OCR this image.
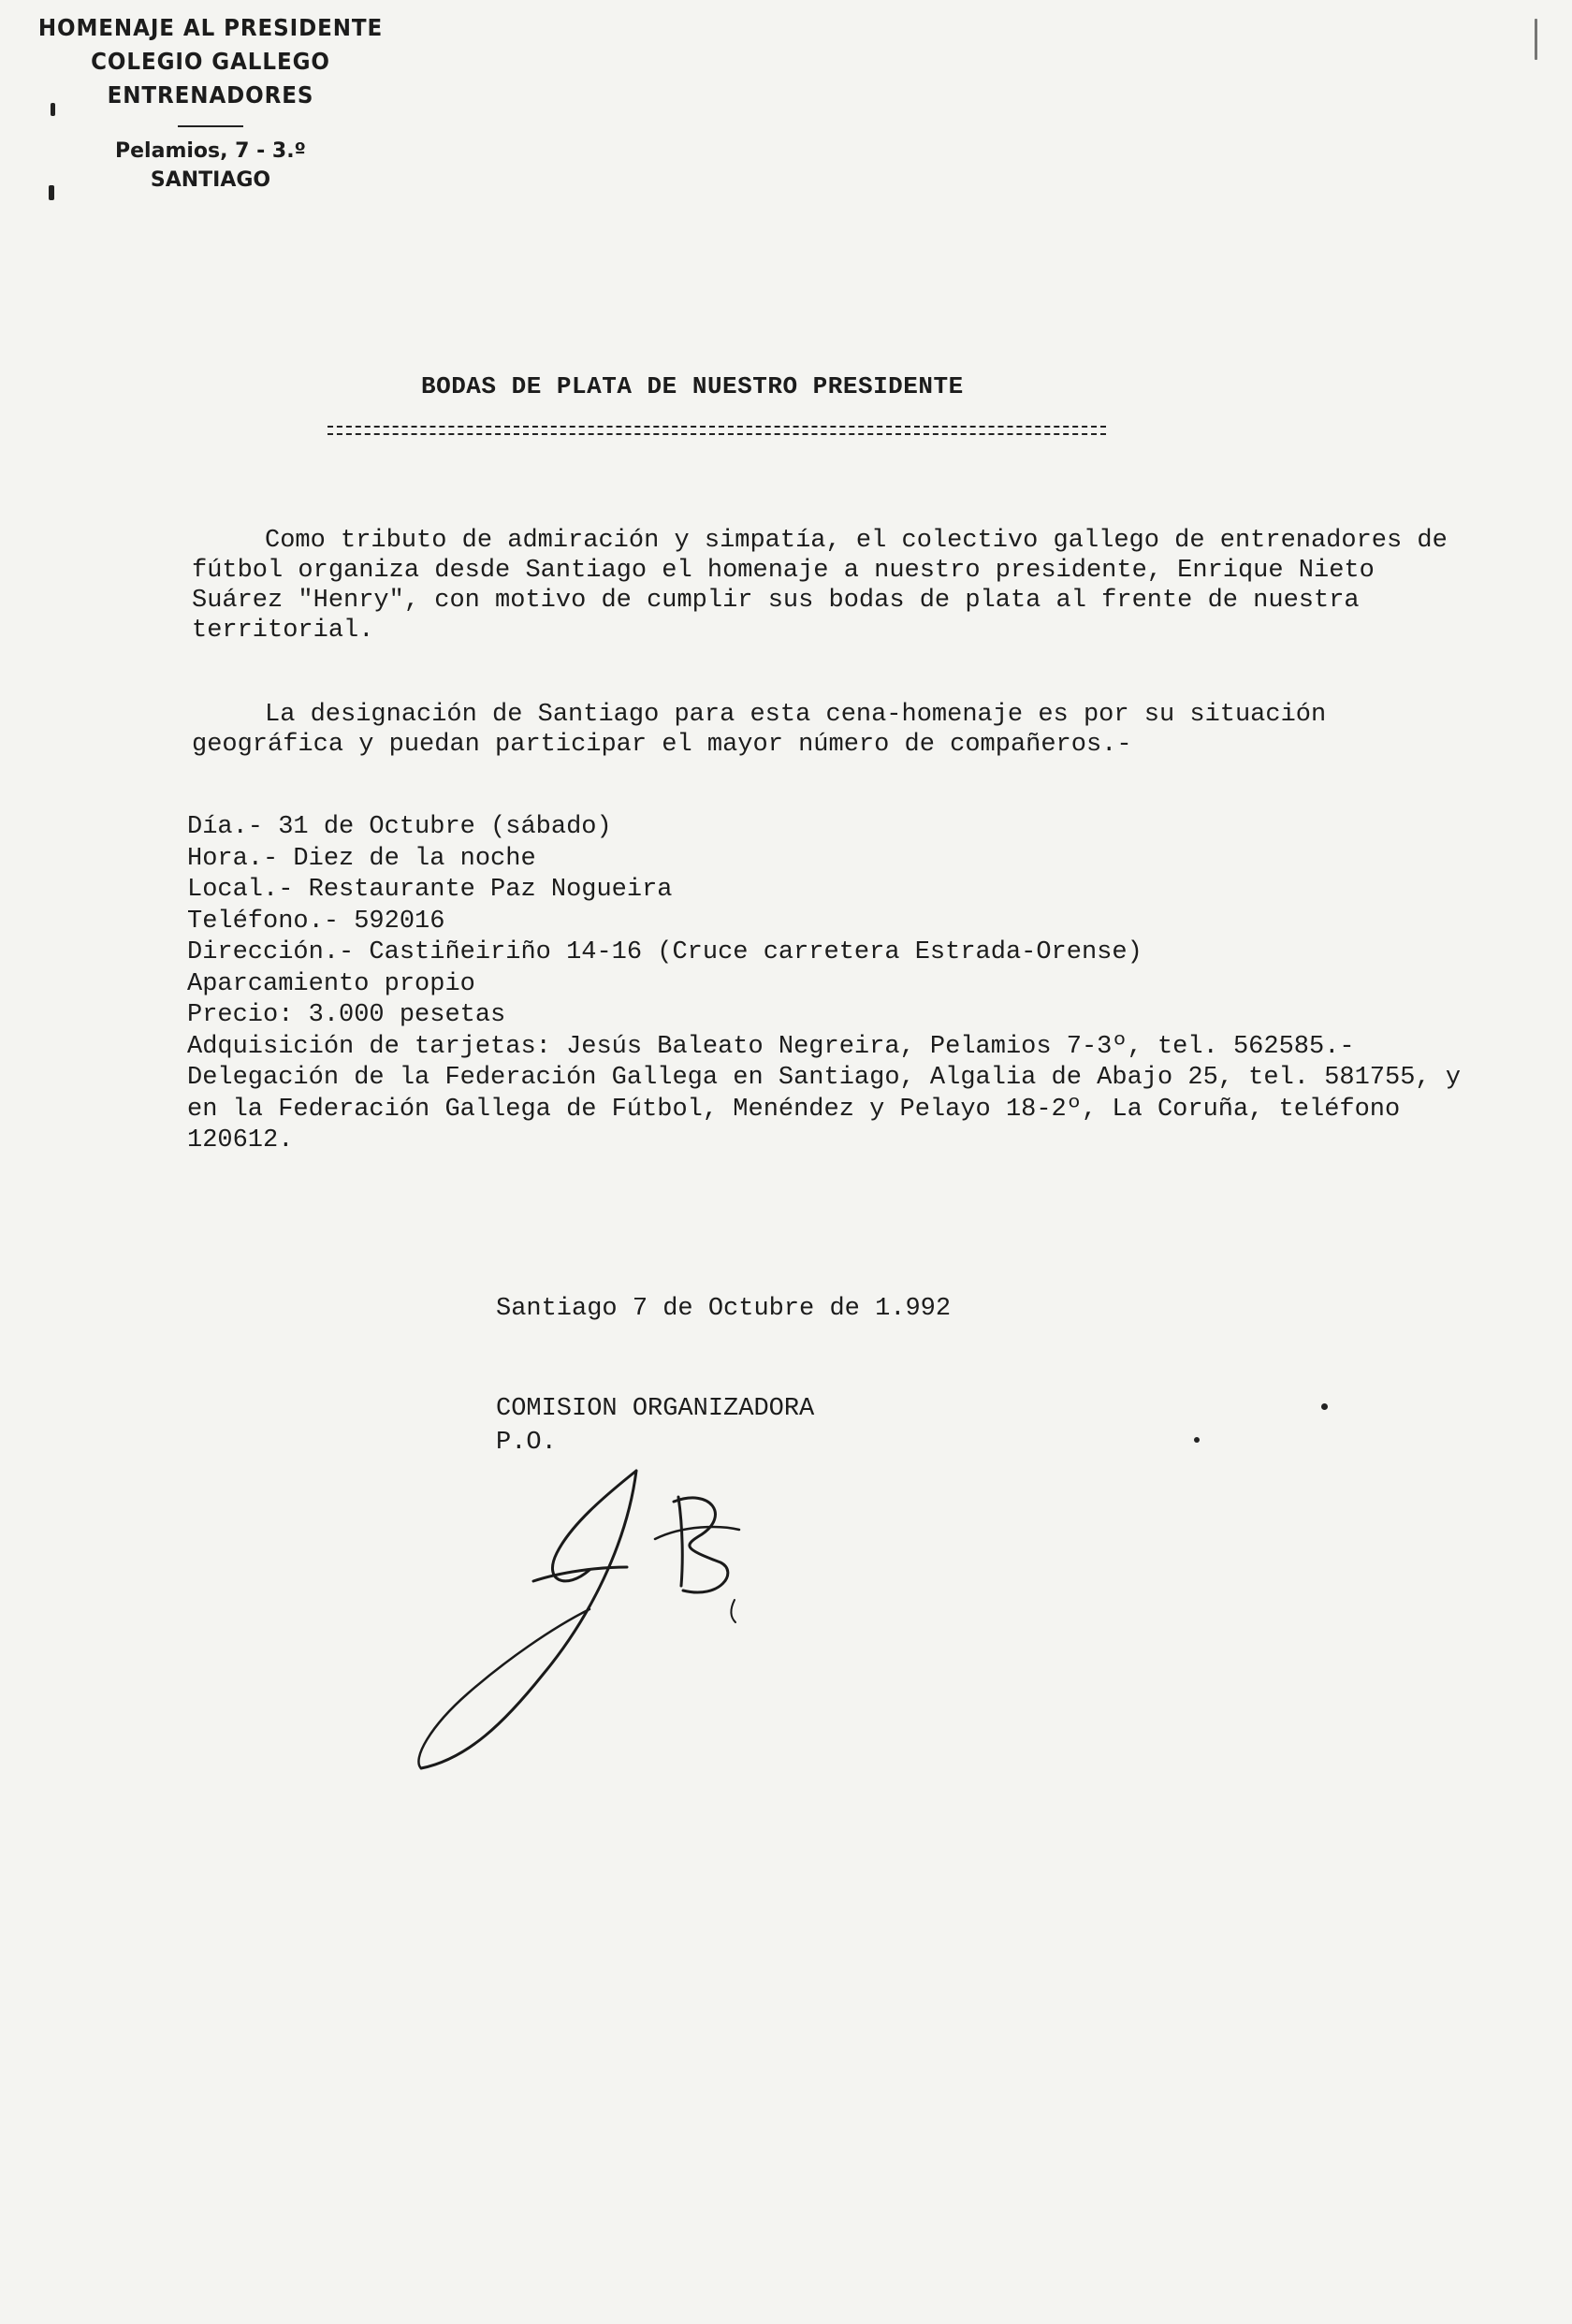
HOMENAJE AL PRESIDENTE
COLEGIO GALLEGO ENTRENADORES
Pelamios, 7 - 3.º
SANTIAGO
BODAS DE PLATA DE NUESTRO PRESIDENTE

Como tributo de admiración y simpatía, el colectivo gallego de entrenadores de fútbol organiza desde Santiago el homenaje a nuestro presidente, Enrique Nieto Suárez "Henry", con motivo de cumplir sus bodas de plata al frente de nuestra territorial.

La designación de Santiago para esta cena-homenaje es por su situación geográfica y puedan participar el mayor número de compañeros.-

Día.- 31 de Octubre (sábado)
Hora.- Diez de la noche
Local.- Restaurante Paz Nogueira
Teléfono.- 592016
Dirección.- Castiñeiriño 14-16 (Cruce carretera Estrada-Orense)
Aparcamiento propio
Precio: 3.000 pesetas
Adquisición de tarjetas: Jesús Baleato Negreira, Pelamios 7-3º, tel. 562585.- Delegación de la Federación Gallega en Santiago, Algalia de Abajo 25, tel. 581755, y en la Federación Gallega de Fútbol, Menéndez y Pelayo 18-2º, La Coruña, teléfono 120612.
Santiago 7 de Octubre de 1.992
COMISION ORGANIZADORA
P.O.
